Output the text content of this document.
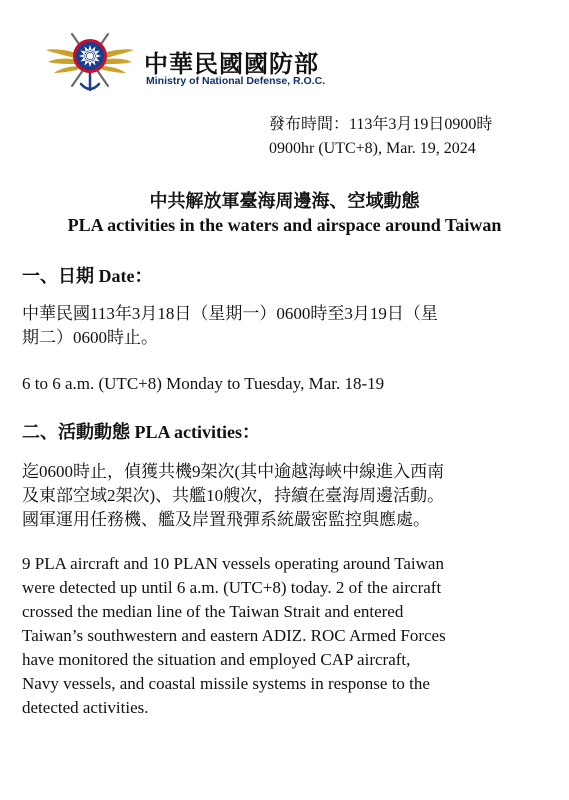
中華民國國防部
Ministry of National Defense, R.O.C.
發布時間：113年3月19日0900時
0900hr (UTC+8), Mar. 19, 2024
中共解放軍臺海周邊海、空域動態
PLA activities in the waters and airspace around Taiwan
一、日期 Date：
中華民國113年3月18日（星期一）0600時至3月19日（星
期二）0600時止。
6 to 6 a.m. (UTC+8) Monday to Tuesday, Mar. 18-19
二、活動動態 PLA activities：
迄0600時止，偵獲共機9架次(其中逾越海峽中線進入西南
及東部空域2架次)、共艦10艘次，持續在臺海周邊活動。
國軍運用任務機、艦及岸置飛彈系統嚴密監控與應處。
9 PLA aircraft and 10 PLAN vessels operating around Taiwan
were detected up until 6 a.m. (UTC+8) today. 2 of the aircraft
crossed the median line of the Taiwan Strait and entered
Taiwan’s southwestern and eastern ADIZ. ROC Armed Forces
have monitored the situation and employed CAP aircraft,
Navy vessels, and coastal missile systems in response to the
detected activities.
